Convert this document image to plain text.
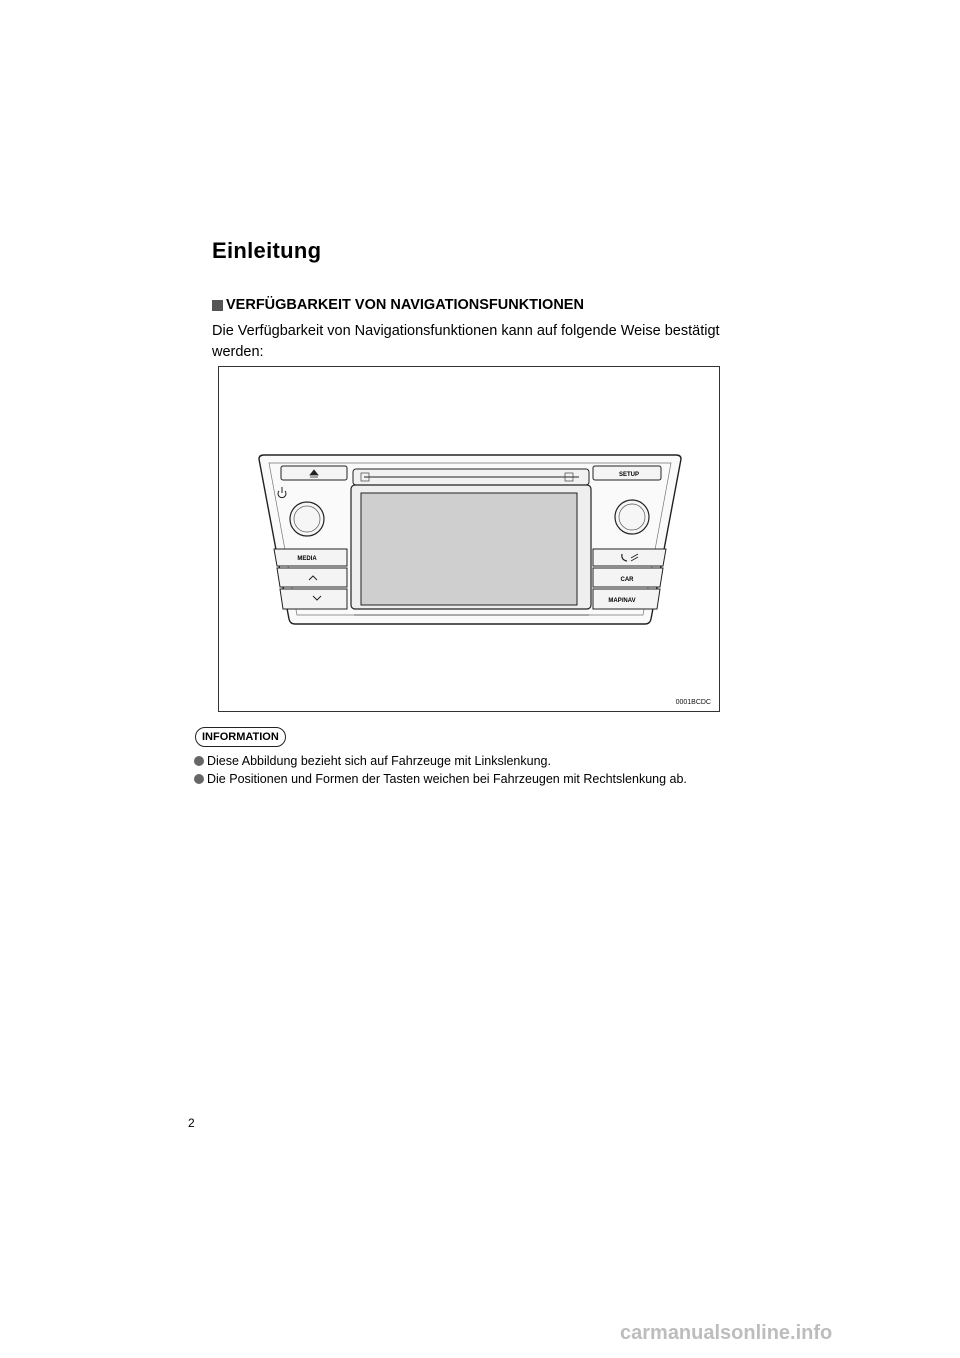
Einleitung
VERFÜGBARKEIT VON NAVIGATIONSFUNKTIONEN
Die Verfügbarkeit von Navigationsfunktionen kann auf folgende Weise bestätigt werden:
SETUP
MEDIA
CAR
MAP/NAV
0001BCDC
INFORMATION
Diese Abbildung bezieht sich auf Fahrzeuge mit Linkslenkung.
Die Positionen und Formen der Tasten weichen bei Fahrzeugen mit Rechtslenkung ab.
2
carmanualsonline.info
